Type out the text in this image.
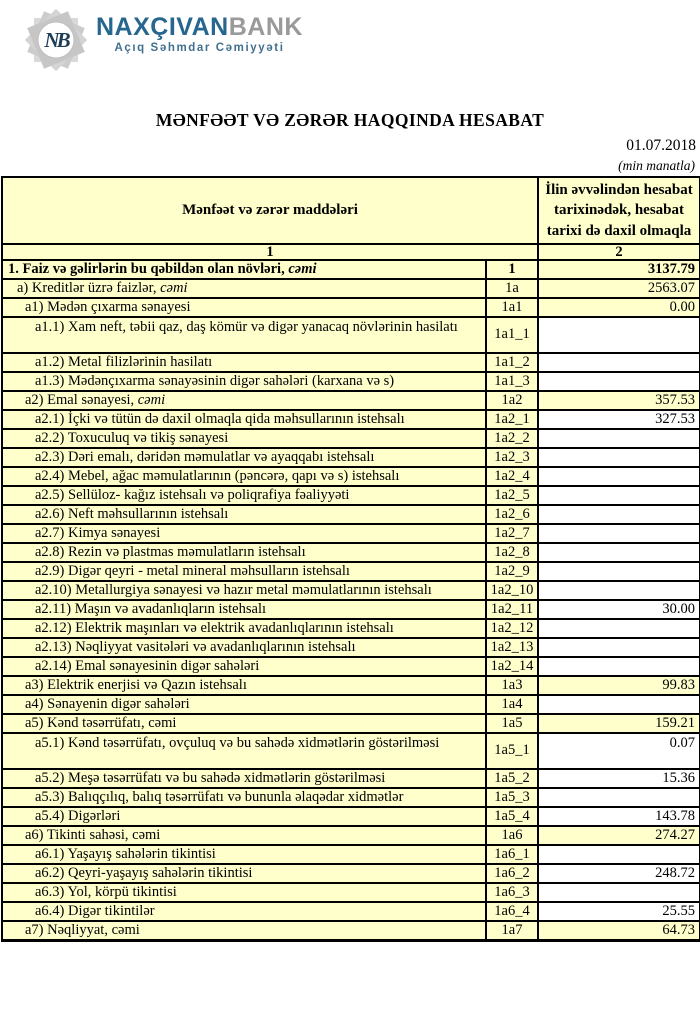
NB NAXÇIVANBANK
Açıq Səhmdar Cəmiyyəti
MƏNFƏƏT VƏ ZƏRƏR HAQQINDA HESABAT
01.07.2018
(min manatla)
Mənfəət və zərər maddələri		İlin əvvəlindən hesabat tarixinədək, hesabat tarixi də daxil olmaqla
1		2
1. Faiz və gəlirlərin bu qəbildən olan növləri, cəmi	1	3137.79
a) Kreditlər üzrə faizlər, cəmi	1a	2563.07
a1) Mədən çıxarma sənayesi	1a1	0.00
a1.1) Xam neft, təbii qaz, daş kömür və digər yanacaq növlərinin hasilatı	1a1_1	
a1.2) Metal filizlərinin hasilatı	1a1_2	
a1.3) Mədənçıxarma sənayəsinin digər sahələri (karxana və s)	1a1_3	
a2) Emal sənayesi, cəmi	1a2	357.53
a2.1) İçki və tütün də daxil olmaqla qida məhsullarının istehsalı	1a2_1	327.53
a2.2) Toxuculuq və tikiş sənayesi	1a2_2	
a2.3) Dəri emalı, dəridən məmulatlar və ayaqqabı istehsalı	1a2_3	
a2.4) Mebel, ağac məmulatlarının (pəncərə, qapı və s) istehsalı	1a2_4	
a2.5) Sellüloz- kağız istehsalı və poliqrafiya fəaliyyəti	1a2_5	
a2.6) Neft məhsullarının istehsalı	1a2_6	
a2.7) Kimya sənayesi	1a2_7	
a2.8) Rezin və plastmas məmulatların istehsalı	1a2_8	
a2.9) Digər qeyri - metal mineral məhsulların istehsalı	1a2_9	
a2.10) Metallurgiya sənayesi və hazır metal məmulatlarının istehsalı	1a2_10	
a2.11) Maşın və avadanlıqların istehsalı	1a2_11	30.00
a2.12) Elektrik maşınları və elektrik avadanlıqlarının istehsalı	1a2_12	
a2.13) Nəqliyyat vasitələri və avadanlıqlarının istehsalı	1a2_13	
a2.14) Emal sənayesinin digər sahələri	1a2_14	
a3) Elektrik enerjisi və Qazın istehsalı	1a3	99.83
a4) Sənayenin digər sahələri	1a4	
a5) Kənd təsərrüfatı, cəmi	1a5	159.21
a5.1) Kənd təsərrüfatı, ovçuluq və bu sahədə xidmətlərin göstərilməsi	1a5_1	0.07
a5.2) Meşə təsərrüfatı və bu sahədə xidmətlərin göstərilməsi	1a5_2	15.36
a5.3) Balıqçılıq, balıq təsərrüfatı və bununla əlaqədar xidmətlər	1a5_3	
a5.4) Digərləri	1a5_4	143.78
a6) Tikinti sahəsi, cəmi	1a6	274.27
a6.1) Yaşayış sahələrin tikintisi	1a6_1	
a6.2) Qeyri-yaşayış sahələrin tikintisi	1a6_2	248.72
a6.3) Yol, körpü tikintisi	1a6_3	
a6.4) Digər tikintilər	1a6_4	25.55
a7) Nəqliyyat, cəmi	1a7	64.73
